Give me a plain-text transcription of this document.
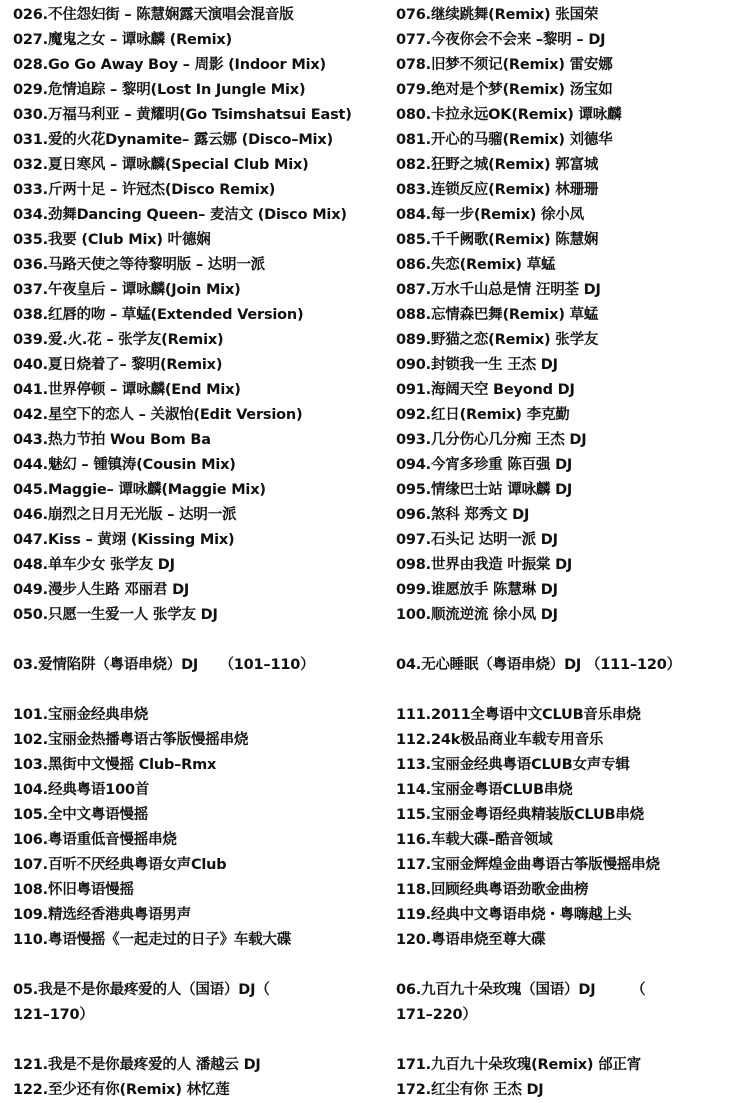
026.不住怨妇街 – 陈慧娴露天演唱会混音版
027.魔鬼之女 – 谭咏麟 (Remix)
028.Go Go Away Boy – 周影 (Indoor Mix)
029.危情追踪 – 黎明(Lost In Jungle Mix)
030.万福马利亚 – 黄耀明(Go Tsimshatsui East)
031.爱的火花Dynamite– 露云娜 (Disco–Mix)
032.夏日寒风 – 谭咏麟(Special Club Mix)
033.斤两十足 – 许冠杰(Disco Remix)
034.劲舞Dancing Queen– 麦洁文 (Disco Mix)
035.我要 (Club Mix) 叶德娴
036.马路天使之等待黎明版 – 达明一派
037.午夜皇后 – 谭咏麟(Join Mix)
038.红唇的吻 – 草蜢(Extended Version)
039.爱.火.花 – 张学友(Remix)
040.夏日烧着了– 黎明(Remix)
041.世界停顿 – 谭咏麟(End Mix)
042.星空下的恋人 – 关淑怡(Edit Version)
043.热力节拍 Wou Bom Ba
044.魅幻 – 锺镇涛(Cousin Mix)
045.Maggie– 谭咏麟(Maggie Mix)
046.崩烈之日月无光版 – 达明一派
047.Kiss – 黄翊 (Kissing Mix)
048.单车少女 张学友 DJ
049.漫步人生路 邓丽君 DJ
050.只愿一生爱一人 张学友 DJ
03.爱情陷阱（粤语串烧）DJ　　（101–110）
101.宝丽金经典串烧
102.宝丽金热播粤语古筝版慢摇串烧
103.黑街中文慢摇 Club–Rmx
104.经典粤语100首
105.全中文粤语慢摇
106.粤语重低音慢摇串烧
107.百听不厌经典粤语女声Club
108.怀旧粤语慢摇
109.精选经香港典粤语男声
110.粤语慢摇《一起走过的日子》车载大碟
05.我是不是你最疼爱的人（国语）DJ（
121–170）
121.我是不是你最疼爱的人 潘越云 DJ
122.至少还有你(Remix) 林忆莲
076.继续跳舞(Remix) 张国荣
077.今夜你会不会来 –黎明 – DJ
078.旧梦不须记(Remix) 雷安娜
079.绝对是个梦(Remix) 汤宝如
080.卡拉永远OK(Remix) 谭咏麟
081.开心的马骝(Remix) 刘德华
082.狂野之城(Remix) 郭富城
083.连锁反应(Remix) 林珊珊
084.每一步(Remix) 徐小凤
085.千千阙歌(Remix) 陈慧娴
086.失恋(Remix) 草蜢
087.万水千山总是情 汪明荃 DJ
088.忘情森巴舞(Remix) 草蜢
089.野猫之恋(Remix) 张学友
090.封锁我一生 王杰 DJ
091.海阔天空 Beyond DJ
092.红日(Remix) 李克勤
093.几分伤心几分痴 王杰 DJ
094.今宵多珍重 陈百强 DJ
095.情缘巴士站 谭咏麟 DJ
096.煞科 郑秀文 DJ
097.石头记 达明一派 DJ
098.世界由我造 叶振棠 DJ
099.谁愿放手 陈慧琳 DJ
100.顺流逆流 徐小凤 DJ
04.无心睡眠（粤语串烧）DJ （111–120）
111.2011全粤语中文CLUB音乐串烧
112.24k极品商业车载专用音乐
113.宝丽金经典粤语CLUB女声专辑
114.宝丽金粤语CLUB串烧
115.宝丽金粤语经典精装版CLUB串烧
116.车载大碟–酷音领域
117.宝丽金辉煌金曲粤语古筝版慢摇串烧
118.回顾经典粤语劲歌金曲榜
119.经典中文粤语串烧・粤嗨越上头
120.粤语串烧至尊大碟
06.九百九十朵玫瑰（国语）DJ　　　（
171–220）
171.九百九十朵玫瑰(Remix) 邰正宵
172.红尘有你 王杰 DJ
